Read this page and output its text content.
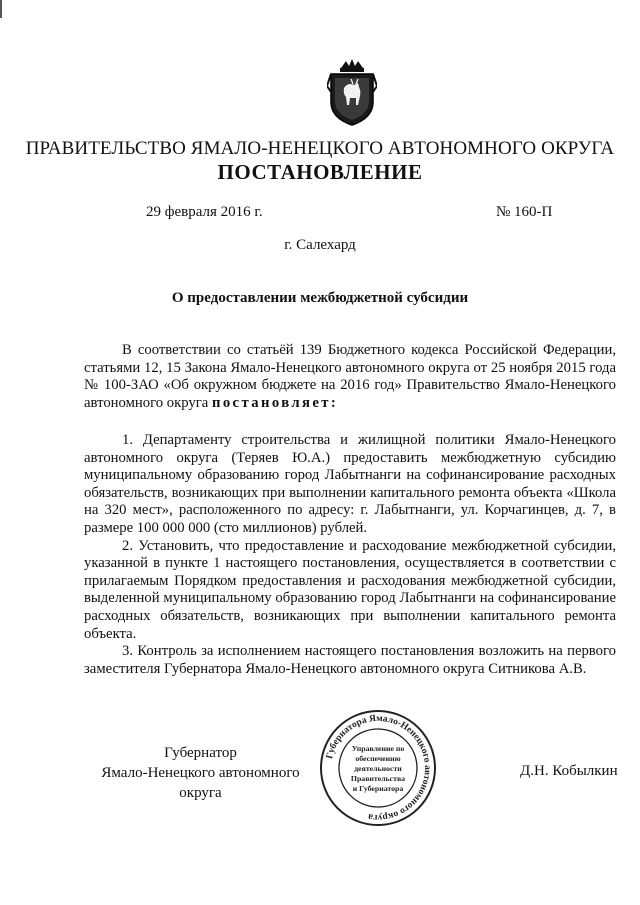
ПРАВИТЕЛЬСТВО ЯМАЛО-НЕНЕЦКОГО АВТОНОМНОГО ОКРУГА
ПОСТАНОВЛЕНИЕ
29 февраля 2016 г.	№ 160-П
г. Салехард
О предоставлении межбюджетной субсидии

В соответствии со статьёй 139 Бюджетного кодекса Российской Федерации, статьями 12, 15 Закона Ямало-Ненецкого автономного округа от 25 ноября 2015 года № 100-ЗАО «Об окружном бюджете на 2016 год» Правительство Ямало-Ненецкого автономного округа постановляет:

1. Департаменту строительства и жилищной политики Ямало-Ненецкого автономного округа (Теряев Ю.А.) предоставить межбюджетную субсидию муниципальному образованию город Лабытнанги на софинансирование расходных обязательств, возникающих при выполнении капитального ремонта объекта «Школа на 320 мест», расположенного по адресу: г. Лабытнанги, ул. Корчагинцев, д. 7, в размере 100 000 000 (сто миллионов) рублей.

2. Установить, что предоставление и расходование межбюджетной субсидии, указанной в пункте 1 настоящего постановления, осуществляется в соответствии с прилагаемым Порядком предоставления и расходования межбюджетной субсидии, выделенной муниципальному образованию город Лабытнанги на софинансирование расходных обязательств, возникающих при выполнении капитального ремонта объекта.

3. Контроль за исполнением настоящего постановления возложить на первого заместителя Губернатора Ямало-Ненецкого автономного округа Ситникова А.В.

Губернатор
Ямало-Ненецкого автономного округа
Губернатора Ямало-Ненецкого автономного округа
Управление по
обеспечению
деятельности
Правительства
и Губернатора
Д.Н. Кобылкин
